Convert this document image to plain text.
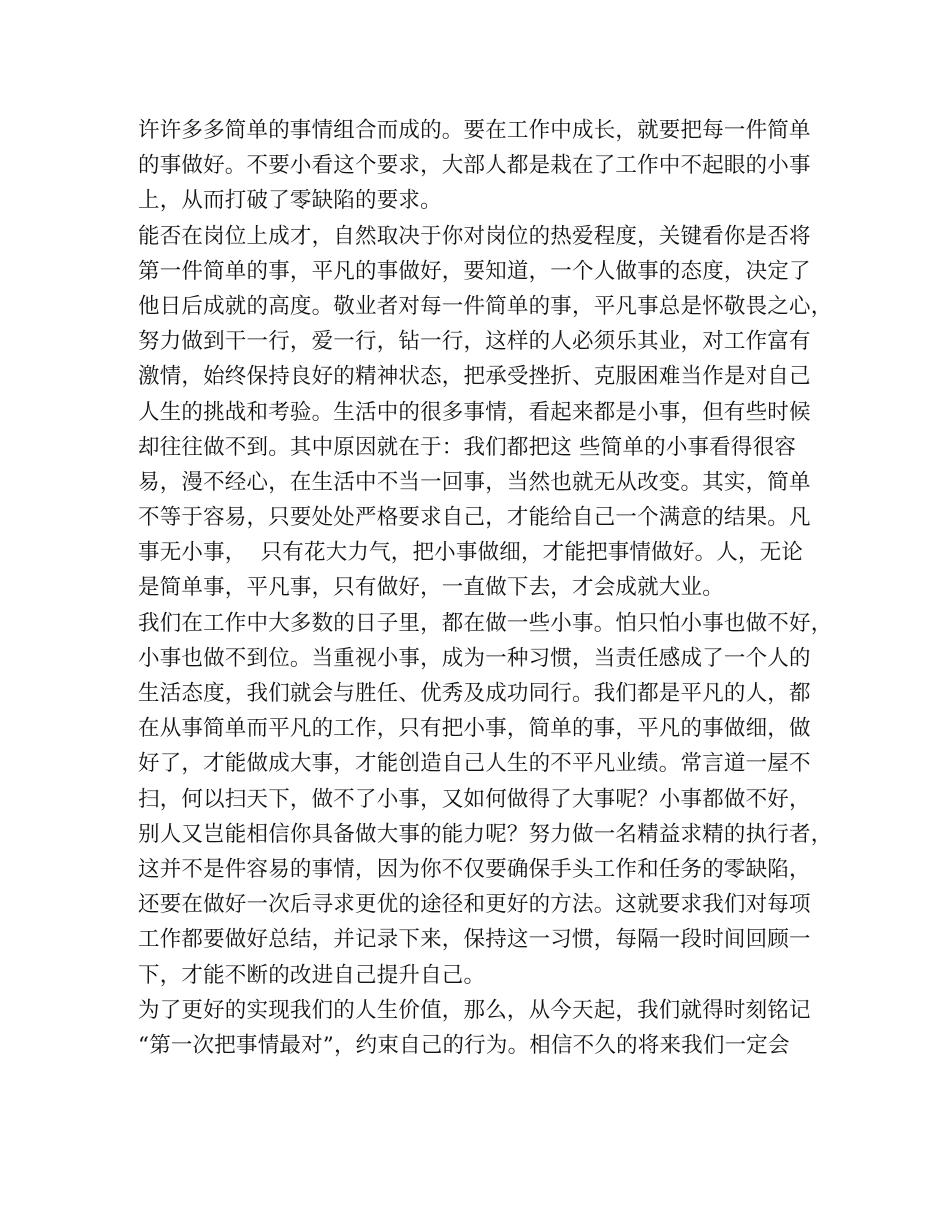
许许多多简单的事情组合而成的。要在工作中成长，就要把每一件简单
的事做好。不要小看这个要求，大部人都是栽在了工作中不起眼的小事
上，从而打破了零缺陷的要求。
能否在岗位上成才，自然取决于你对岗位的热爱程度，关键看你是否将
第一件简单的事，平凡的事做好，要知道，一个人做事的态度，决定了
他日后成就的高度。敬业者对每一件简单的事，平凡事总是怀敬畏之心，
努力做到干一行，爱一行，钻一行，这样的人必须乐其业，对工作富有
激情，始终保持良好的精神状态，把承受挫折、克服困难当作是对自己
人生的挑战和考验。生活中的很多事情，看起来都是小事，但有些时候
却往往做不到。其中原因就在于：我们都把这 些简单的小事看得很容
易，漫不经心，在生活中不当一回事，当然也就无从改变。其实，简单
不等于容易，只要处处严格要求自己，才能给自己一个满意的结果。凡
事无小事，  只有花大力气，把小事做细，才能把事情做好。人，无论
是简单事，平凡事，只有做好，一直做下去，才会成就大业。
我们在工作中大多数的日子里，都在做一些小事。怕只怕小事也做不好，
小事也做不到位。当重视小事，成为一种习惯，当责任感成了一个人的
生活态度，我们就会与胜任、优秀及成功同行。我们都是平凡的人，都
在从事简单而平凡的工作，只有把小事，简单的事，平凡的事做细，做
好了，才能做成大事，才能创造自己人生的不平凡业绩。常言道一屋不
扫，何以扫天下，做不了小事，又如何做得了大事呢？小事都做不好，
别人又岂能相信你具备做大事的能力呢？努力做一名精益求精的执行者，
这并不是件容易的事情，因为你不仅要确保手头工作和任务的零缺陷，
还要在做好一次后寻求更优的途径和更好的方法。这就要求我们对每项
工作都要做好总结，并记录下来，保持这一习惯，每隔一段时间回顾一
下，才能不断的改进自己提升自己。
为了更好的实现我们的人生价值，那么，从今天起，我们就得时刻铭记
“第一次把事情最对”，约束自己的行为。相信不久的将来我们一定会
